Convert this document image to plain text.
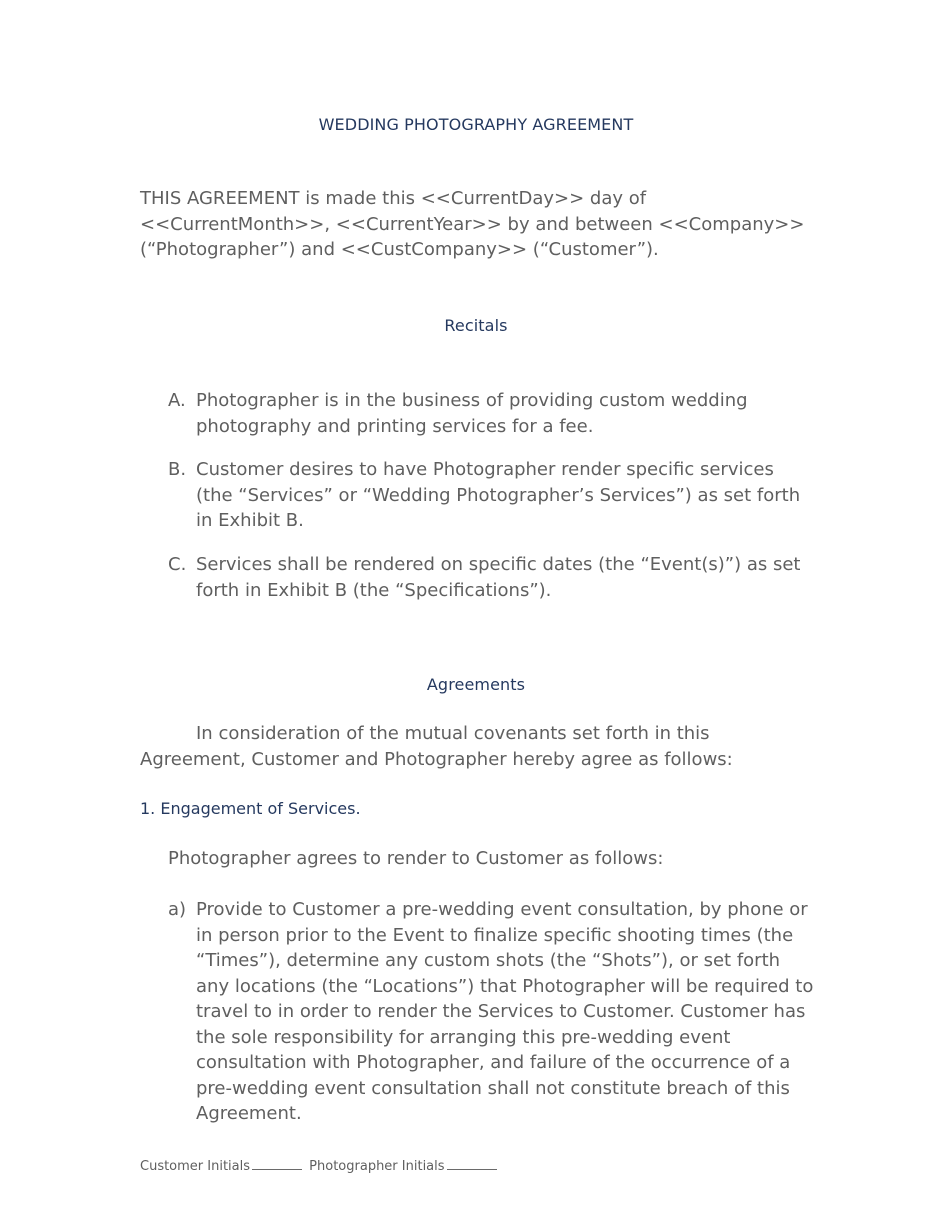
WEDDING PHOTOGRAPHY AGREEMENT
THIS AGREEMENT is made this <<CurrentDay>> day of <<CurrentMonth>>, <<CurrentYear>> by and between <<Company>> (“Photographer”) and <<CustCompany>> (“Customer”).
Recitals
A. Photographer is in the business of providing custom wedding photography and printing services for a fee.
B. Customer desires to have Photographer render specific services (the “Services” or “Wedding Photographer’s Services”) as set forth in Exhibit B.
C. Services shall be rendered on specific dates (the “Event(s)”) as set forth in Exhibit B (the “Specifications”).
Agreements
In consideration of the mutual covenants set forth in this Agreement, Customer and Photographer hereby agree as follows:
1. Engagement of Services.
Photographer agrees to render to Customer as follows:
a) Provide to Customer a pre-wedding event consultation, by phone or in person prior to the Event to finalize specific shooting times (the “Times”), determine any custom shots (the “Shots”), or set forth any locations (the “Locations”) that Photographer will be required to travel to in order to render the Services to Customer. Customer has the sole responsibility for arranging this pre-wedding event consultation with Photographer, and failure of the occurrence of a pre-wedding event consultation shall not constitute breach of this Agreement.
Customer Initials	Photographer Initials
